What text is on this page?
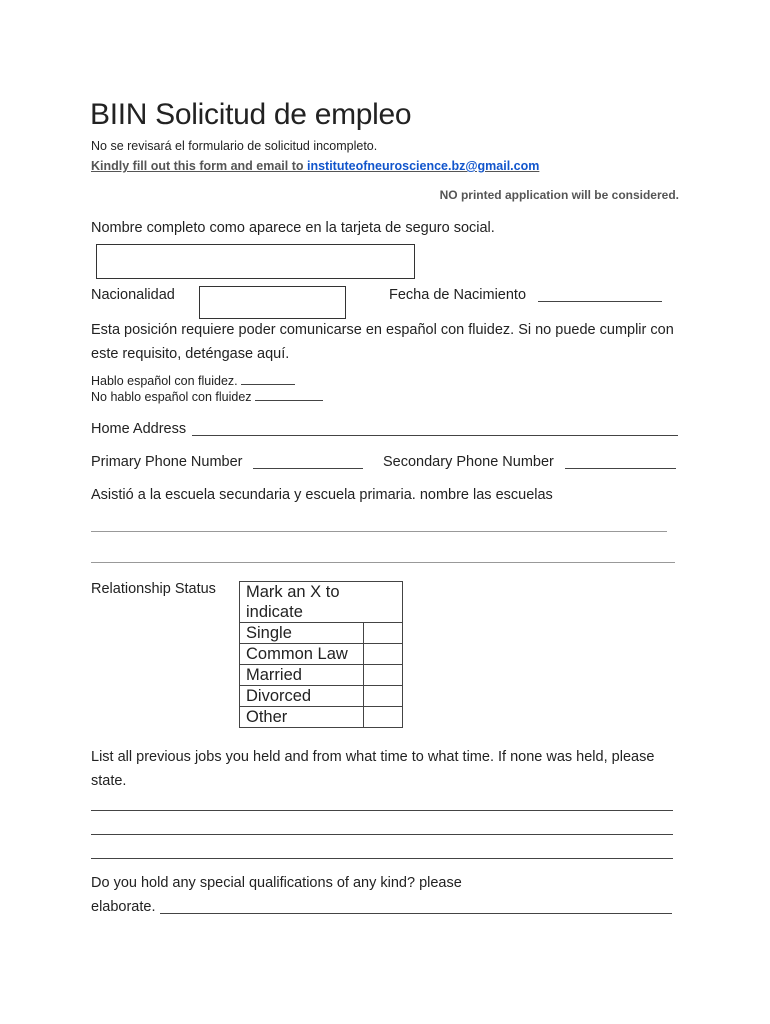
BIIN Solicitud de empleo
No se revisará el formulario de solicitud incompleto.
Kindly fill out this form and email to instituteofneuroscience.bz@gmail.com
NO printed application will be considered.
Nombre completo como aparece en la tarjeta de seguro social.
Nacionalidad	Fecha de Nacimiento
Esta posición requiere poder comunicarse en español con fluidez. Si no puede cumplir con este requisito, deténgase aquí.
Hablo español con fluidez.
No hablo español con fluidez
Home Address
Primary Phone Number	Secondary Phone Number
Asistió a la escuela secundaria y escuela primaria. nombre las escuelas
Relationship Status Mark an X to indicate	
Single	
Common Law	
Married	
Divorced	
Other	
List all previous jobs you held and from what time to what time. If none was held, please state.
Do you hold any special qualifications of any kind? please
elaborate.
